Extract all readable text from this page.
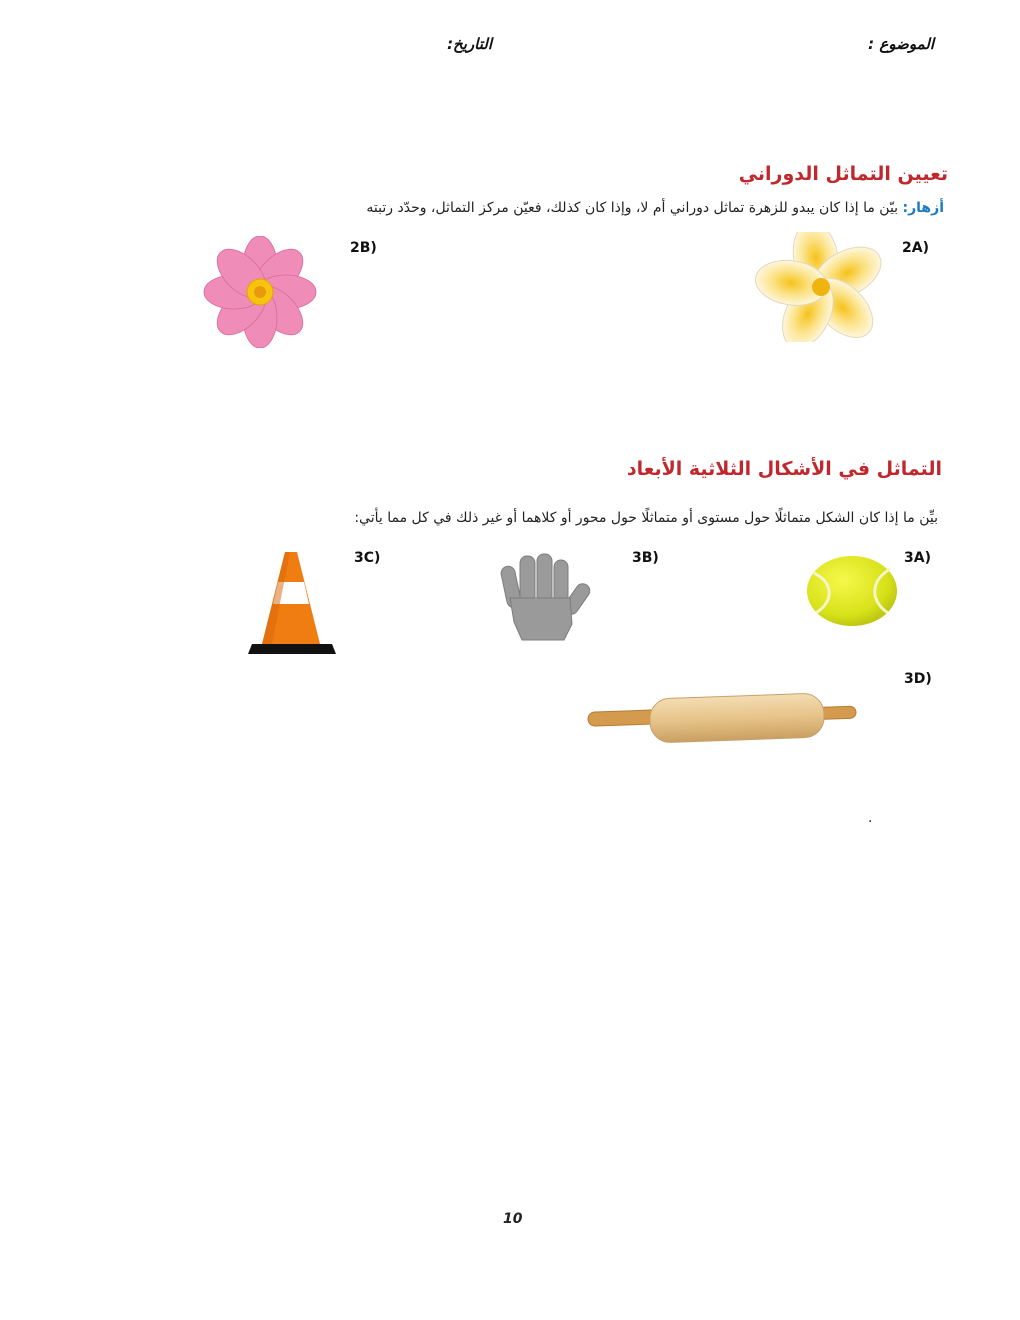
الموضوع :
التاريخ:
تعيين التماثل الدوراني
أزهار: بيّن ما إذا كان يبدو للزهرة تماثل دوراني أم لا، وإذا كان كذلك، فعيّن مركز التماثل، وحدّد رتبته
2A)
2B)
التماثل في الأشكال الثلاثية الأبعاد
بيِّن ما إذا كان الشكل متماثلًا حول مستوى أو متماثلًا حول محور أو كلاهما أو غير ذلك في كل مما يأتي:
3A)
3B)
3C)
3D)
.
10
